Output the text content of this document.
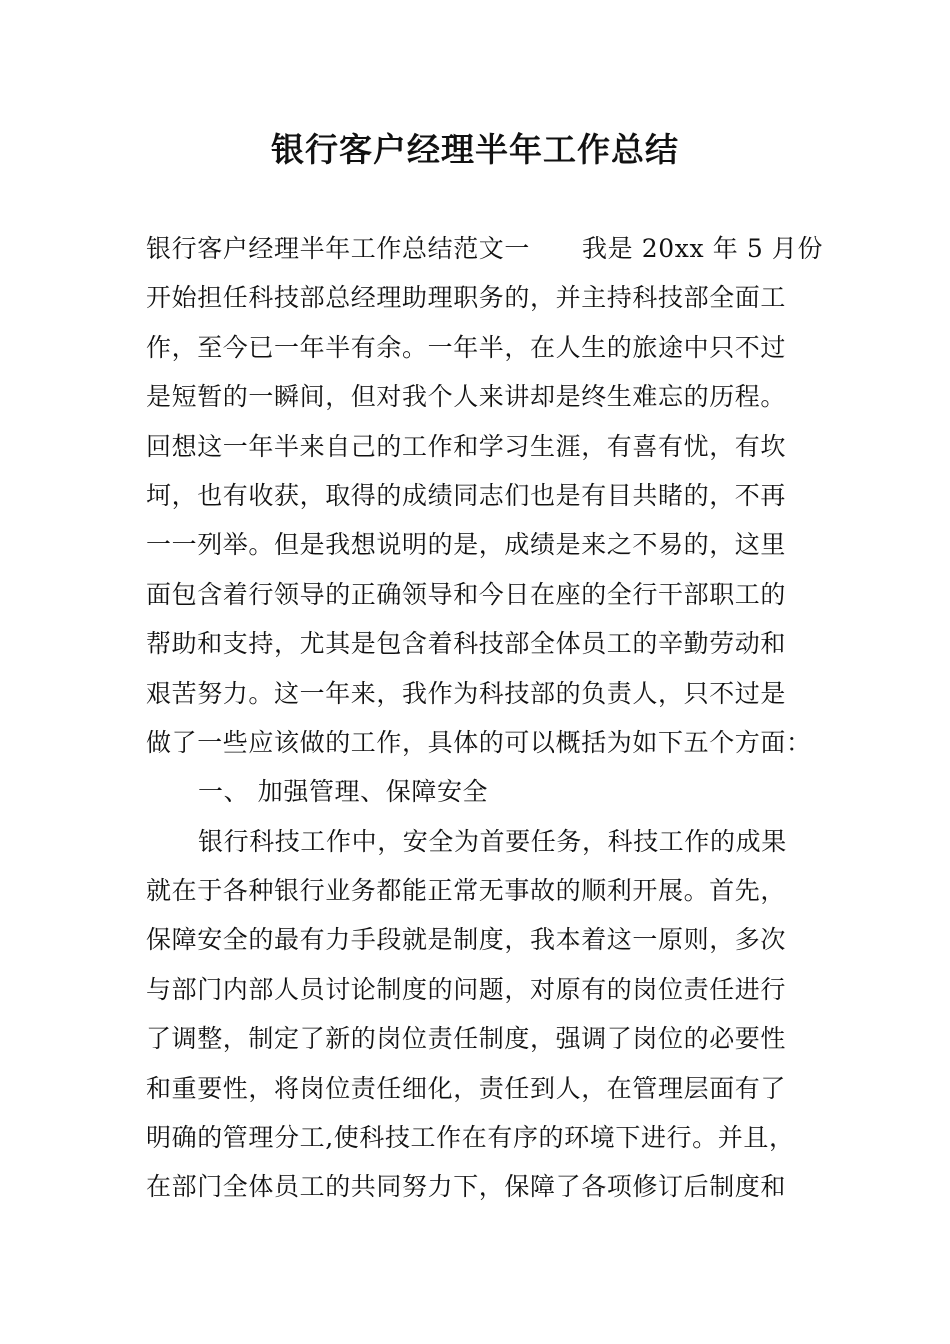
银行客户经理半年工作总结

银行客户经理半年工作总结范文一 我是 20xx 年 5 月份

开始担任科技部总经理助理职务的，并主持科技部全面工

作，至今已一年半有余。一年半，在人生的旅途中只不过

是短暂的一瞬间，但对我个人来讲却是终生难忘的历程。

回想这一年半来自己的工作和学习生涯，有喜有忧，有坎

坷，也有收获，取得的成绩同志们也是有目共睹的，不再

一一列举。但是我想说明的是，成绩是来之不易的，这里

面包含着行领导的正确领导和今日在座的全行干部职工的

帮助和支持，尤其是包含着科技部全体员工的辛勤劳动和

艰苦努力。这一年来，我作为科技部的负责人，只不过是

做了一些应该做的工作，具体的可以概括为如下五个方面：

一、 加强管理、保障安全

银行科技工作中，安全为首要任务，科技工作的成果

就在于各种银行业务都能正常无事故的顺利开展。首先，

保障安全的最有力手段就是制度，我本着这一原则，多次

与部门内部人员讨论制度的问题，对原有的岗位责任进行

了调整，制定了新的岗位责任制度，强调了岗位的必要性

和重要性，将岗位责任细化，责任到人，在管理层面有了

明确的管理分工,使科技工作在有序的环境下进行。并且，

在部门全体员工的共同努力下，保障了各项修订后制度和
